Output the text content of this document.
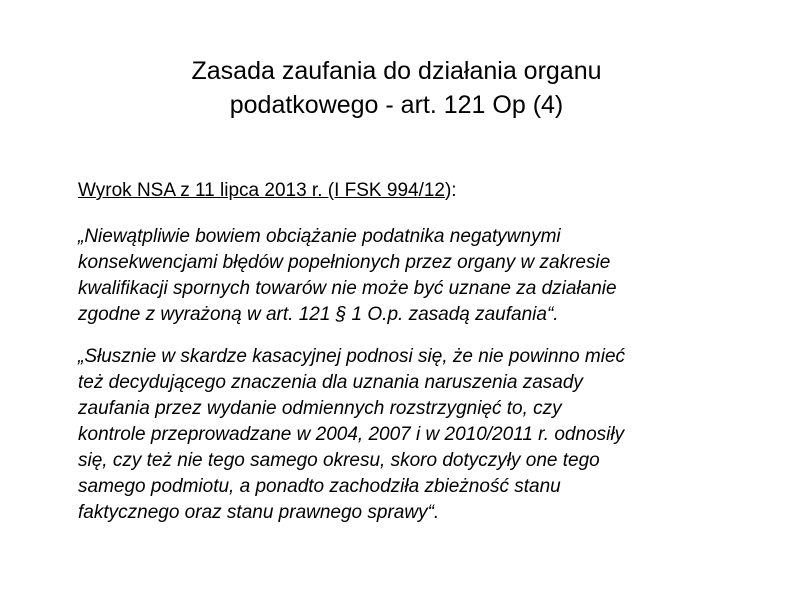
Zasada zaufania do działania organu
podatkowego - art. 121 Op (4)

Wyrok NSA z 11 lipca 2013 r. (I FSK 994/12):

„Niewątpliwie bowiem obciążanie podatnika negatywnymi
konsekwencjami błędów popełnionych przez organy w zakresie
kwalifikacji spornych towarów nie może być uznane za działanie
zgodne z wyrażoną w art. 121 § 1 O.p. zasadą zaufania“.

„Słusznie w skardze kasacyjnej podnosi się, że nie powinno mieć
też decydującego znaczenia dla uznania naruszenia zasady
zaufania przez wydanie odmiennych rozstrzygnięć to, czy
kontrole przeprowadzane w 2004, 2007 i w 2010/2011 r. odnosiły
się, czy też nie tego samego okresu, skoro dotyczyły one tego
samego podmiotu, a ponadto zachodziła zbieżność stanu
faktycznego oraz stanu prawnego sprawy“.
